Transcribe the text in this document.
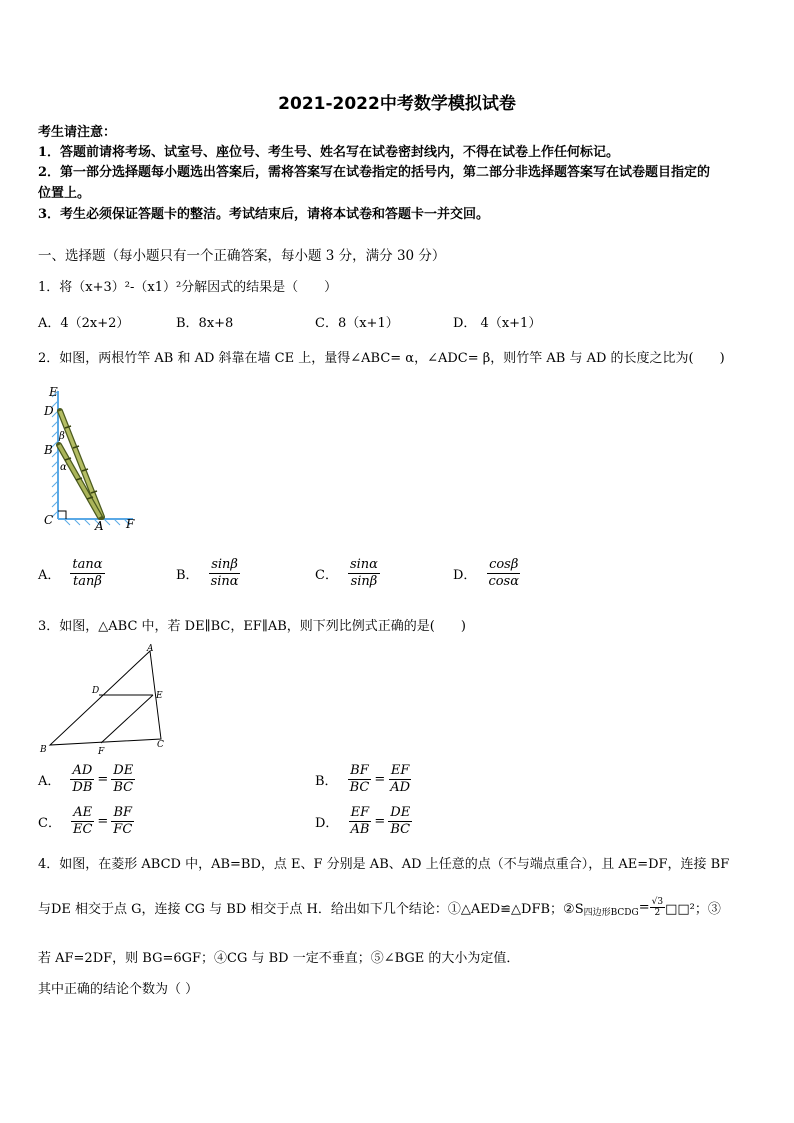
2021-2022中考数学模拟试卷
考生请注意：
1．答题前请将考场、试室号、座位号、考生号、姓名写在试卷密封线内，不得在试卷上作任何标记。
2．第一部分选择题每小题选出答案后，需将答案写在试卷指定的括号内，第二部分非选择题答案写在试卷题目指定的
位置上。
3．考生必须保证答题卡的整洁。考试结束后，请将本试卷和答题卡一并交回。
一、选择题（每小题只有一个正确答案，每小题 3 分，满分 30 分）
1．将（x+3）²-（x1）²分解因式的结果是（　　）
A．4（2x+2）	B．8x+8	C．8（x+1）	D． 4（x+1）
2．如图，两根竹竿 AB 和 AD 斜靠在墙 CE 上，量得∠ABC= α，∠ADC= β，则竹竿 AB 与 AD 的长度之比为(　　)
E
D
B
C	A F
β
α
A． $\frac{\tan\alpha}{\tan\beta}$	B． $\frac{\sin\beta}{\sin\alpha}$	C． $\frac{\sin\alpha}{\sin\beta}$	D． $\frac{\cos\beta}{\cos\alpha}$
3．如图，△ABC 中，若 DE∥BC，EF∥AB，则下列比例式正确的是(　　)
A
B	C
D	E
F
A． $\frac{AD}{DB} = \frac{DE}{BC}$	B． $\frac{BF}{BC} = \frac{EF}{AD}$
C． $\frac{AE}{EC} = \frac{BF}{FC}$	D． $\frac{EF}{AB} = \frac{DE}{BC}$
4．如图，在菱形 ABCD 中，AB=BD，点 E、F 分别是 AB、AD 上任意的点（不与端点重合），且 AE=DF，连接 BF
与DE 相交于点 G，连接 CG 与 BD 相交于点 H．给出如下几个结论：①△AED≌△DFB；②S 四边形BCDG = $\frac{√3}{2}$ □□²；③
若 AF=2DF，则 BG=6GF；④CG 与 BD 一定不垂直；⑤∠BGE 的大小为定值．
其中正确的结论个数为（ ）
